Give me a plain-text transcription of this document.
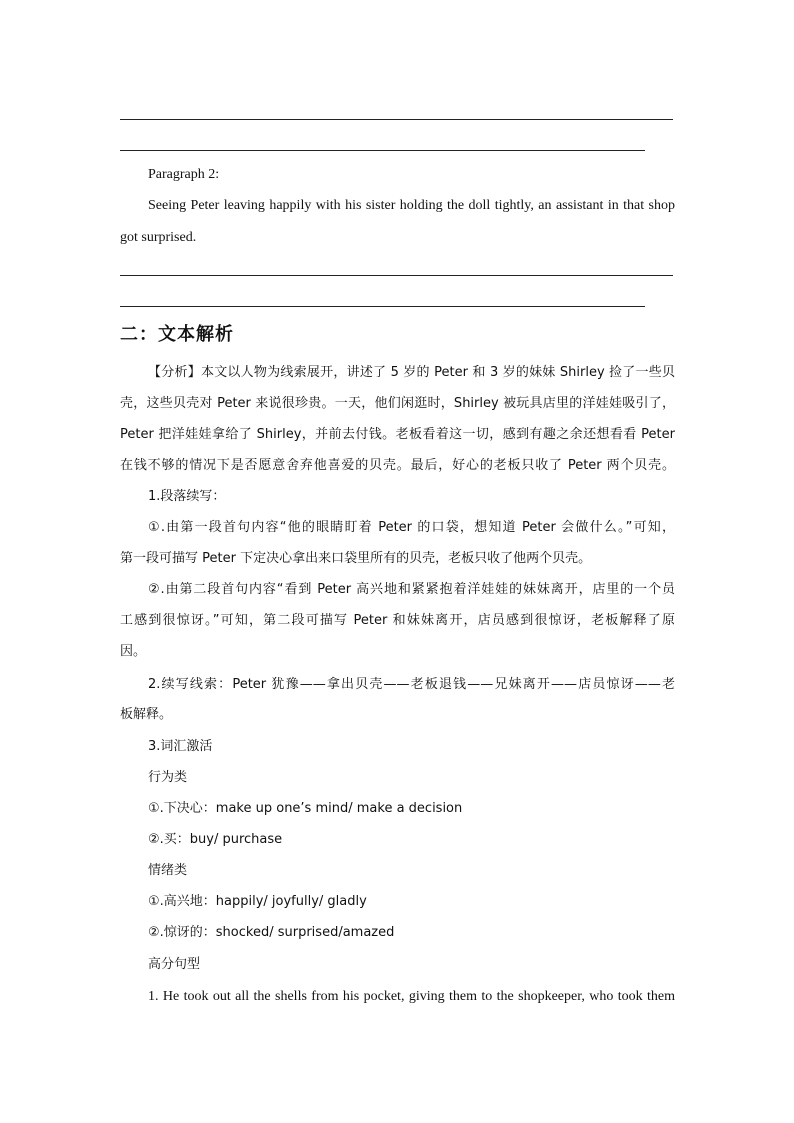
Paragraph 2:
Seeing Peter leaving happily with his sister holding the doll tightly, an assistant in that shop
got surprised.
二：文本解析
【分析】本文以人物为线索展开，讲述了 5 岁的 Peter 和 3 岁的妹妹 Shirley 捡了一些贝
壳，这些贝壳对 Peter 来说很珍贵。一天，他们闲逛时，Shirley 被玩具店里的洋娃娃吸引了，
Peter 把洋娃娃拿给了 Shirley，并前去付钱。老板看着这一切，感到有趣之余还想看看 Peter
在钱不够的情况下是否愿意舍弃他喜爱的贝壳。最后，好心的老板只收了 Peter 两个贝壳。
1.段落续写：
①.由第一段首句内容“他的眼睛盯着 Peter 的口袋，想知道 Peter 会做什么。”可知，
第一段可描写 Peter 下定决心拿出来口袋里所有的贝壳，老板只收了他两个贝壳。
②.由第二段首句内容“看到 Peter 高兴地和紧紧抱着洋娃娃的妹妹离开，店里的一个员
工感到很惊讶。”可知，第二段可描写 Peter 和妹妹离开，店员感到很惊讶，老板解释了原
因。
2.续写线索：Peter 犹豫——拿出贝壳——老板退钱——兄妹离开——店员惊讶——老
板解释。
3.词汇激活
行为类
①.下决心：make up one’s mind/ make a decision
②.买：buy/ purchase
情绪类
①.高兴地：happily/ joyfully/ gladly
②.惊讶的：shocked/ surprised/amazed
高分句型
1. He took out all the shells from his pocket, giving them to the shopkeeper, who took them
